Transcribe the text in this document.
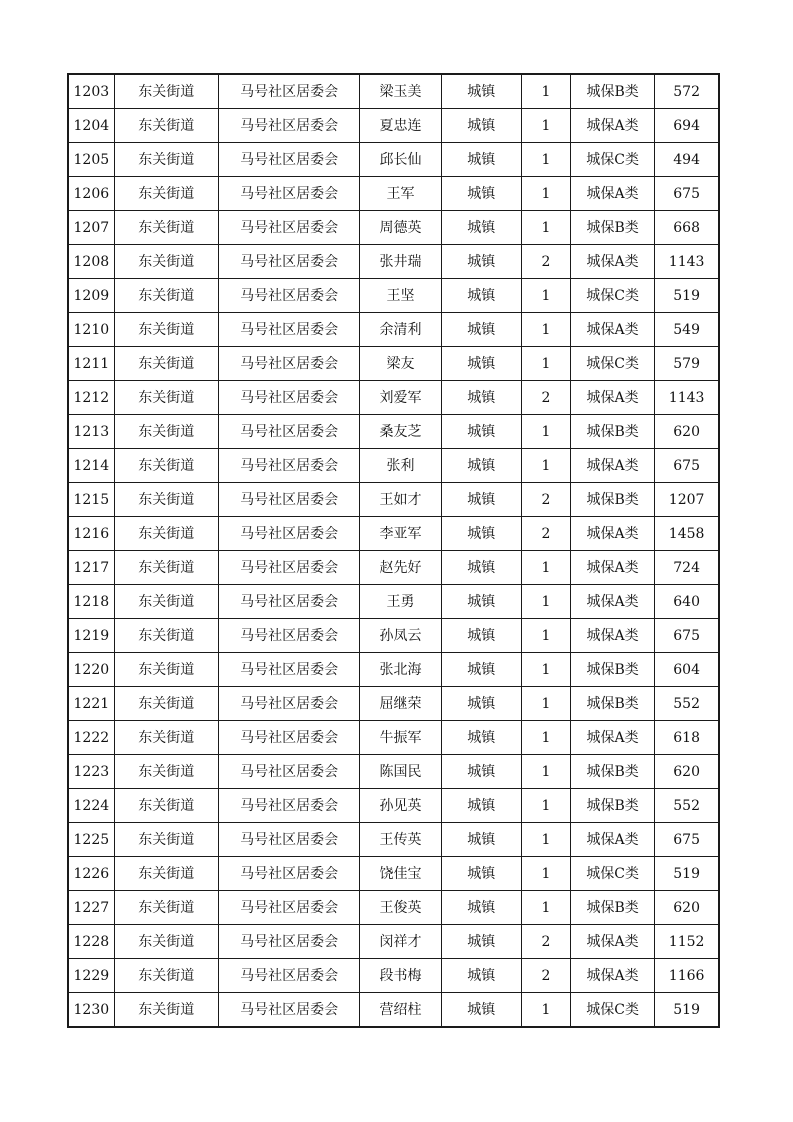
1203	东关街道	马号社区居委会	梁玉美	城镇	1	城保B类	572
1204	东关街道	马号社区居委会	夏忠连	城镇	1	城保A类	694
1205	东关街道	马号社区居委会	邱长仙	城镇	1	城保C类	494
1206	东关街道	马号社区居委会	王军	城镇	1	城保A类	675
1207	东关街道	马号社区居委会	周德英	城镇	1	城保B类	668
1208	东关街道	马号社区居委会	张井瑞	城镇	2	城保A类	1143
1209	东关街道	马号社区居委会	王坚	城镇	1	城保C类	519
1210	东关街道	马号社区居委会	余清利	城镇	1	城保A类	549
1211	东关街道	马号社区居委会	梁友	城镇	1	城保C类	579
1212	东关街道	马号社区居委会	刘爱军	城镇	2	城保A类	1143
1213	东关街道	马号社区居委会	桑友芝	城镇	1	城保B类	620
1214	东关街道	马号社区居委会	张利	城镇	1	城保A类	675
1215	东关街道	马号社区居委会	王如才	城镇	2	城保B类	1207
1216	东关街道	马号社区居委会	李亚军	城镇	2	城保A类	1458
1217	东关街道	马号社区居委会	赵先好	城镇	1	城保A类	724
1218	东关街道	马号社区居委会	王勇	城镇	1	城保A类	640
1219	东关街道	马号社区居委会	孙凤云	城镇	1	城保A类	675
1220	东关街道	马号社区居委会	张北海	城镇	1	城保B类	604
1221	东关街道	马号社区居委会	屈继荣	城镇	1	城保B类	552
1222	东关街道	马号社区居委会	牛振军	城镇	1	城保A类	618
1223	东关街道	马号社区居委会	陈国民	城镇	1	城保B类	620
1224	东关街道	马号社区居委会	孙见英	城镇	1	城保B类	552
1225	东关街道	马号社区居委会	王传英	城镇	1	城保A类	675
1226	东关街道	马号社区居委会	饶佳宝	城镇	1	城保C类	519
1227	东关街道	马号社区居委会	王俊英	城镇	1	城保B类	620
1228	东关街道	马号社区居委会	闵祥才	城镇	2	城保A类	1152
1229	东关街道	马号社区居委会	段书梅	城镇	2	城保A类	1166
1230	东关街道	马号社区居委会	营绍柱	城镇	1	城保C类	519
